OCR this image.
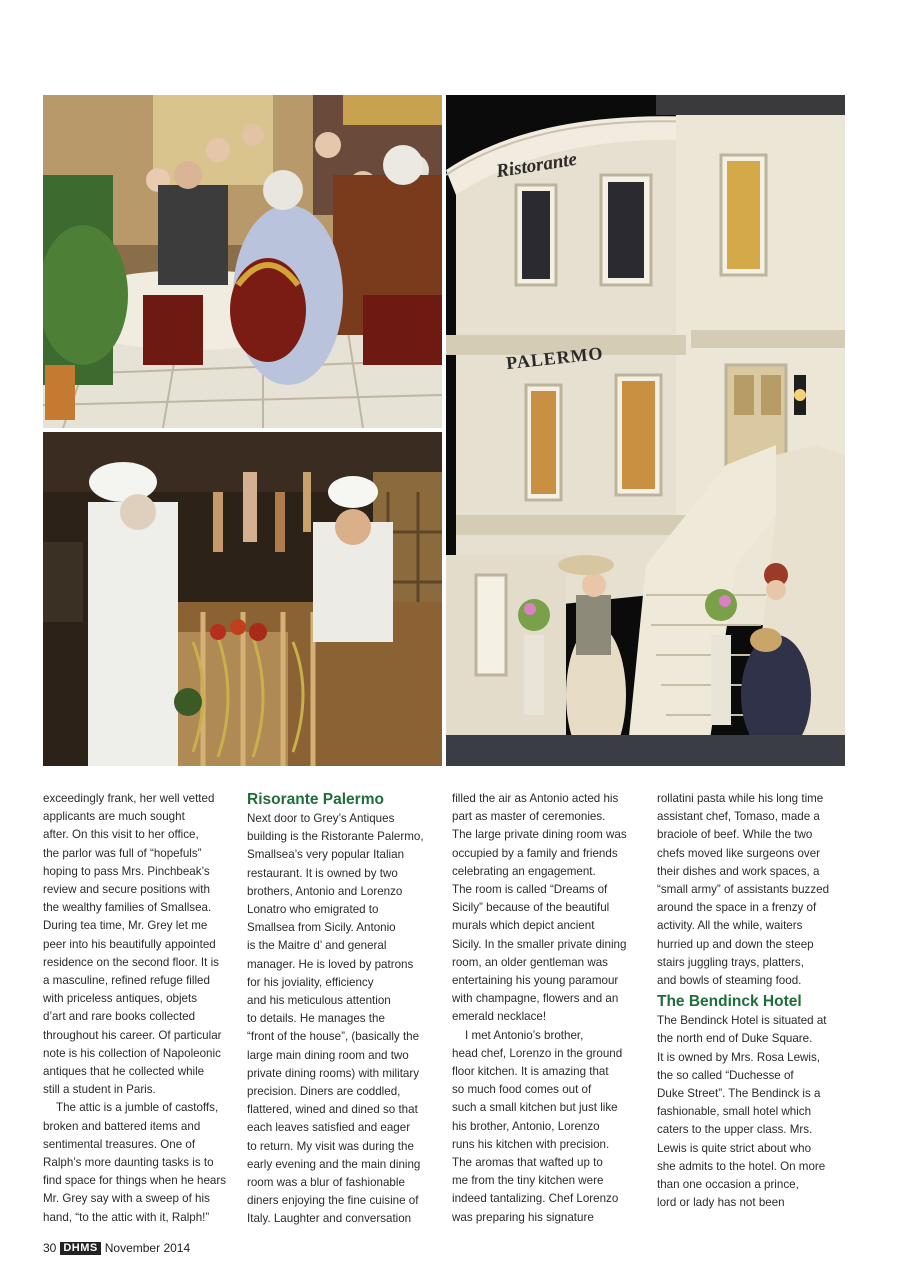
Ristorante
PALERMO

exceedingly frank, her well vetted
applicants are much sought
after. On this visit to her office,
the parlor was full of “hopefuls”
hoping to pass Mrs. Pinchbeak’s
review and secure positions with
the wealthy families of Smallsea.
During tea time, Mr. Grey let me
peer into his beautifully appointed
residence on the second floor. It is
a masculine, refined refuge filled
with priceless antiques, objets
d’art and rare books collected
throughout his career. Of particular
note is his collection of Napoleonic
antiques that he collected while
still a student in Paris.

The attic is a jumble of castoffs,
broken and battered items and
sentimental treasures. One of
Ralph’s more daunting tasks is to
find space for things when he hears
Mr. Grey say with a sweep of his
hand, “to the attic with it, Ralph!”

Risorante Palermo

Next door to Grey’s Antiques
building is the Ristorante Palermo,
Smallsea’s very popular Italian
restaurant. It is owned by two
brothers, Antonio and Lorenzo
Lonatro who emigrated to
Smallsea from Sicily. Antonio
is the Maitre d’ and general
manager. He is loved by patrons
for his joviality, efficiency
and his meticulous attention
to details. He manages the
“front of the house”, (basically the
large main dining room and two
private dining rooms) with military
precision. Diners are coddled,
flattered, wined and dined so that
each leaves satisfied and eager
to return. My visit was during the
early evening and the main dining
room was a blur of fashionable
diners enjoying the fine cuisine of
Italy. Laughter and conversation

filled the air as Antonio acted his
part as master of ceremonies.
The large private dining room was
occupied by a family and friends
celebrating an engagement.
The room is called “Dreams of
Sicily” because of the beautiful
murals which depict ancient
Sicily. In the smaller private dining
room, an older gentleman was
entertaining his young paramour
with champagne, flowers and an
emerald necklace!

I met Antonio’s brother,
head chef, Lorenzo in the ground
floor kitchen. It is amazing that
so much food comes out of
such a small kitchen but just like
his brother, Antonio, Lorenzo
runs his kitchen with precision.
The aromas that wafted up to
me from the tiny kitchen were
indeed tantalizing. Chef Lorenzo
was preparing his signature

rollatini pasta while his long time
assistant chef, Tomaso, made a
braciole of beef. While the two
chefs moved like surgeons over
their dishes and work spaces, a
“small army” of assistants buzzed
around the space in a frenzy of
activity. All the while, waiters
hurried up and down the steep
stairs juggling trays, platters,
and bowls of steaming food.

The Bendinck Hotel

The Bendinck Hotel is situated at
the north end of Duke Square.
It is owned by Mrs. Rosa Lewis,
the so called “Duchesse of
Duke Street”. The Bendinck is a
fashionable, small hotel which
caters to the upper class. Mrs.
Lewis is quite strict about who
she admits to the hotel. On more
than one occasion a prince,
lord or lady has not been

30 DHMS November 2014
